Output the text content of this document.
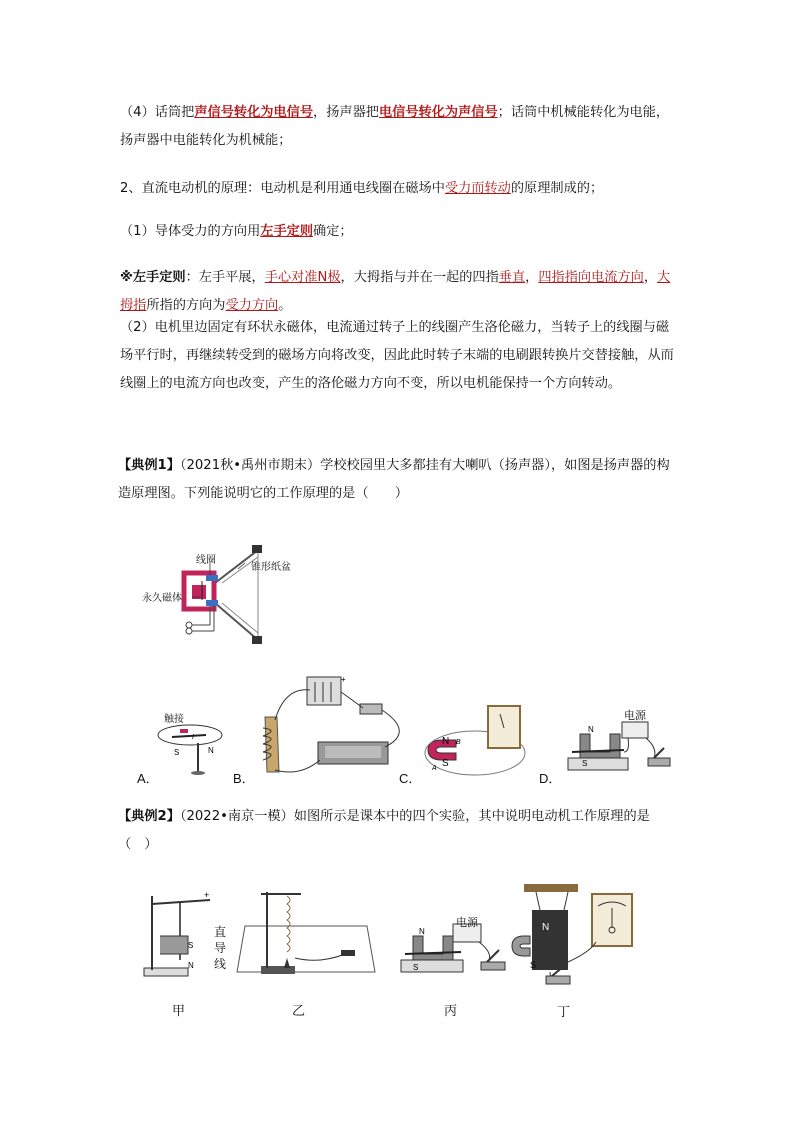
（4）话筒把声信号转化为电信号，扬声器把电信号转化为声信号；话筒中机械能转化为电能，扬声器中电能转化为机械能；

2、直流电动机的原理：电动机是利用通电线圈在磁场中受力而转动的原理制成的；

（1）导体受力的方向用左手定则确定；

※左手定则：左手平展，手心对准N极，大拇指与并在一起的四指垂直，四指指向电流方向，大拇指所指的方向为受力方向。

（2）电机里边固定有环状永磁体，电流通过转子上的线圈产生洛伦磁力，当转子上的线圈与磁场平行时，再继续转受到的磁场方向将改变，因此此时转子末端的电刷跟转换片交替接触，从而线圈上的电流方向也改变，产生的洛伦磁力方向不变，所以电机能保持一个方向转动。

【典例1】（2021秋•禹州市期末）学校校园里大多都挂有大喇叭（扬声器），如图是扬声器的构造原理图。下列能说明它的工作原理的是（　　）

线圈
锥形纸盆
永久磁体
N
S
I
触接
A．
+
B．
N
S
A
B
C．
N
S
电源
D．

【典例2】（2022•南京一模）如图所示是课本中的四个实验，其中说明电动机工作原理的是（　）

+
S
N
直导线
N
S
电源	N
S
甲	乙	丙	丁
